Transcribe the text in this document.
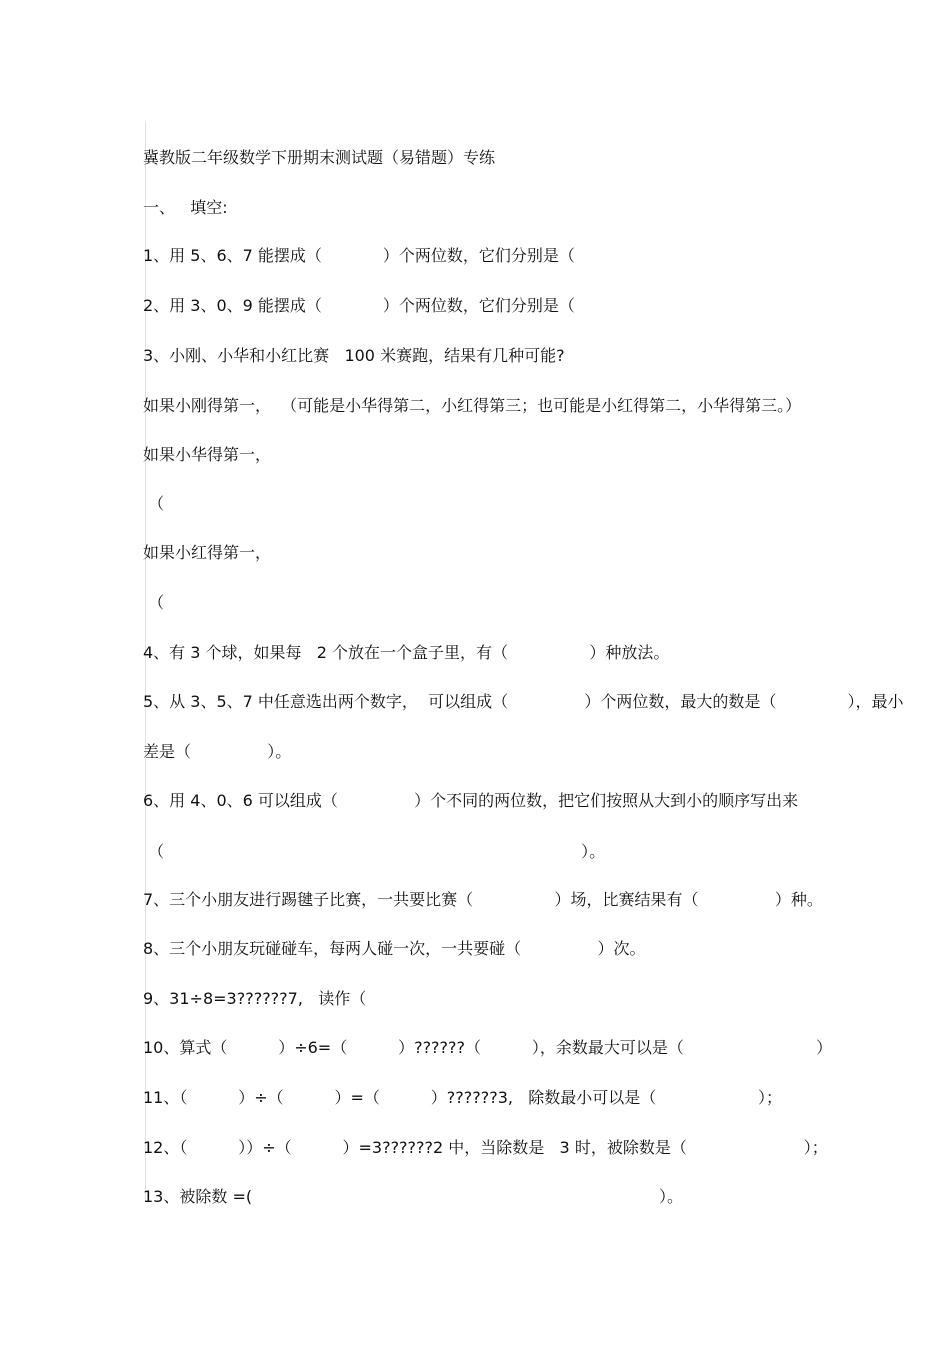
冀教版二年级数学下册期末测试题（易错题）专练
一、   填空:
1、用 5、6、7 能摆成（            ）个两位数，它们分别是（
2、用 3、0、9 能摆成（            ）个两位数，它们分别是（
3、小刚、小华和小红比赛   100 米赛跑，结果有几种可能?
如果小刚得第一，  （可能是小华得第二，小红得第三；也可能是小红得第二，小华得第三。）
如果小华得第一，
（
如果小红得第一，
（
4、有 3 个球，如果每   2 个放在一个盒子里，有（                ）种放法。
5、从 3、5、7 中任意选出两个数字，  可以组成（               ）个两位数，最大的数是（              ），最小
差是（               ）。
6、用 4、0、6 可以组成（               ）个不同的两位数，把它们按照从大到小的顺序写出来
（                                                                                  ）。
7、三个小朋友进行踢毽子比赛，一共要比赛（                ）场，比赛结果有（               ）种。
8、三个小朋友玩碰碰车，每两人碰一次，一共要碰（               ）次。
9、31÷8=3??????7,   读作（
10、算式（          ）÷6=（          ）??????（          ），余数最大可以是（                          ）
11、（          ）÷（          ）=（          ）??????3,   除数最小可以是（                    ）；
12、（          ））÷（          ）=3??????2 中，当除数是   3 时，被除数是（                       ）；
13、被除数 =(                                                                                ）。
